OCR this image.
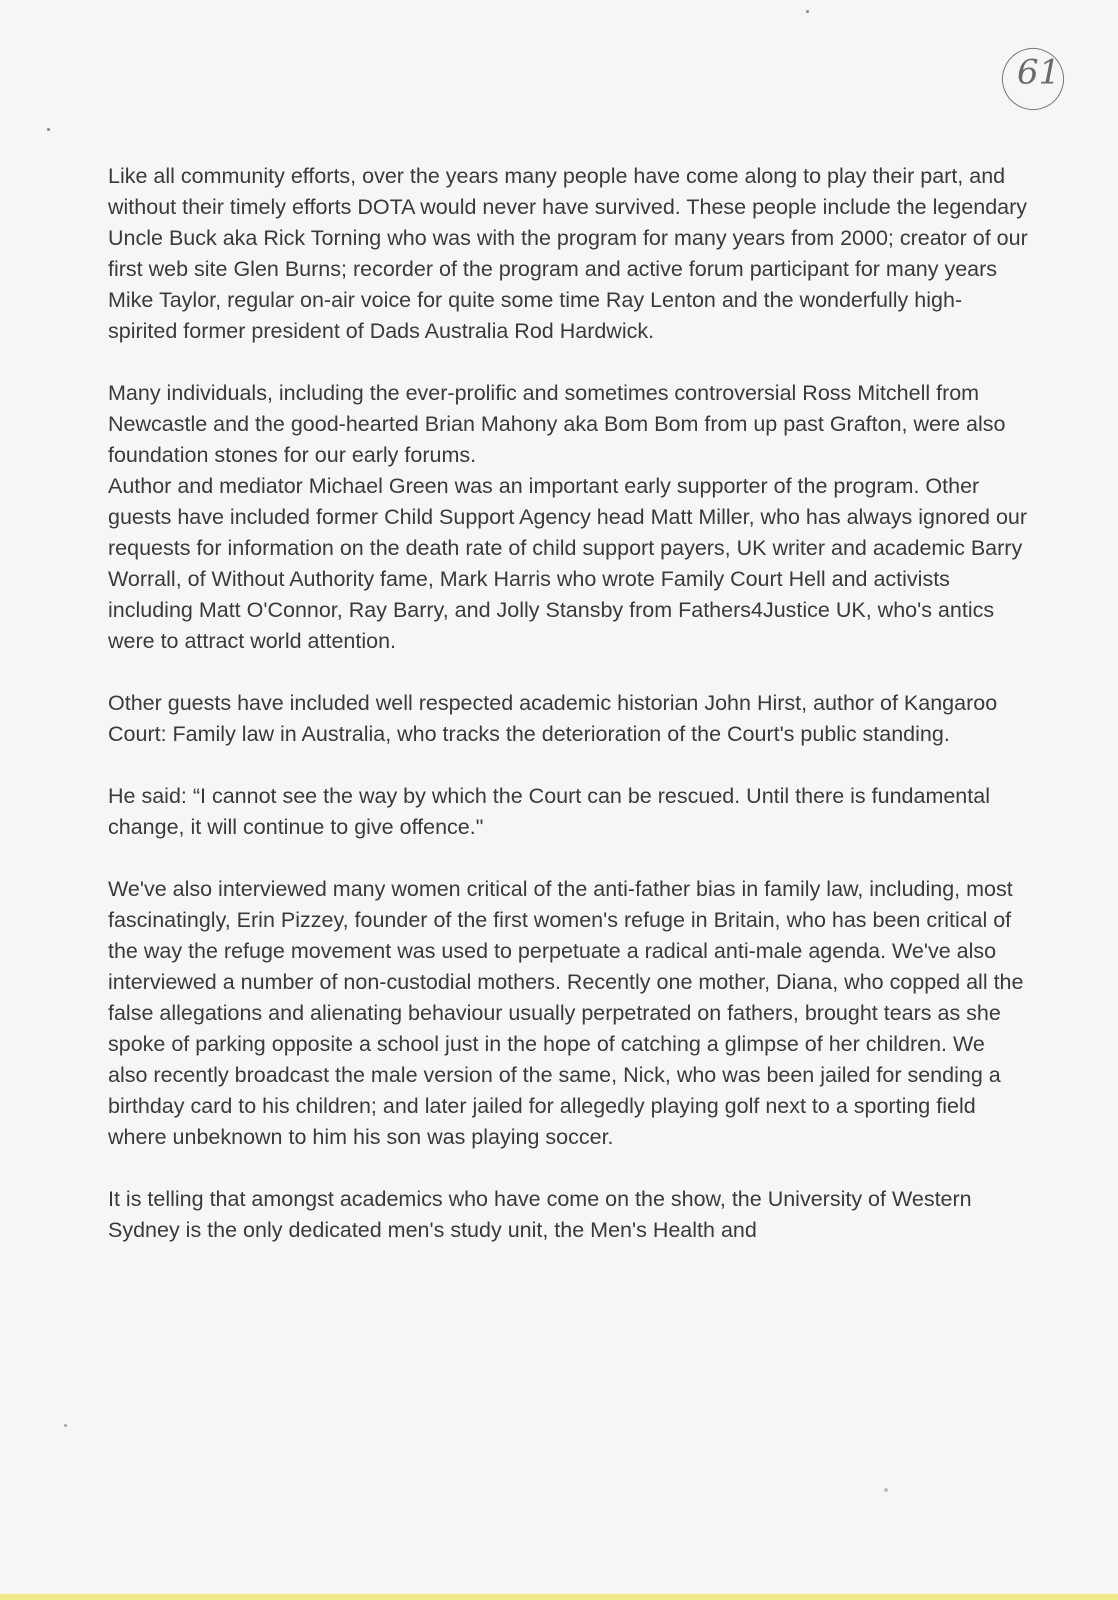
61

Like all community efforts, over the years many people have come along to play their part, and without their timely efforts DOTA would never have survived. These people include the legendary Uncle Buck aka Rick Torning who was with the program for many years from 2000; creator of our first web site Glen Burns; recorder of the program and active forum participant for many years Mike Taylor, regular on-air voice for quite some time Ray Lenton and the wonderfully high-spirited former president of Dads Australia Rod Hardwick.

Many individuals, including the ever-prolific and sometimes controversial Ross Mitchell from Newcastle and the good-hearted Brian Mahony aka Bom Bom from up past Grafton, were also foundation stones for our early forums.

Author and mediator Michael Green was an important early supporter of the program. Other guests have included former Child Support Agency head Matt Miller, who has always ignored our requests for information on the death rate of child support payers, UK writer and academic Barry Worrall, of Without Authority fame, Mark Harris who wrote Family Court Hell and activists including Matt O'Connor, Ray Barry, and Jolly Stansby from Fathers4Justice UK, who's antics were to attract world attention.

Other guests have included well respected academic historian John Hirst, author of Kangaroo Court: Family law in Australia, who tracks the deterioration of the Court's public standing.

He said: “I cannot see the way by which the Court can be rescued. Until there is fundamental change, it will continue to give offence."

We've also interviewed many women critical of the anti-father bias in family law, including, most fascinatingly, Erin Pizzey, founder of the first women's refuge in Britain, who has been critical of the way the refuge movement was used to perpetuate a radical anti-male agenda. We've also interviewed a number of non-custodial mothers. Recently one mother, Diana, who copped all the false allegations and alienating behaviour usually perpetrated on fathers, brought tears as she spoke of parking opposite a school just in the hope of catching a glimpse of her children. We also recently broadcast the male version of the same, Nick, who was been jailed for sending a birthday card to his children; and later jailed for allegedly playing golf next to a sporting field where unbeknown to him his son was playing soccer.

It is telling that amongst academics who have come on the show, the University of Western Sydney is the only dedicated men's study unit, the Men's Health and
